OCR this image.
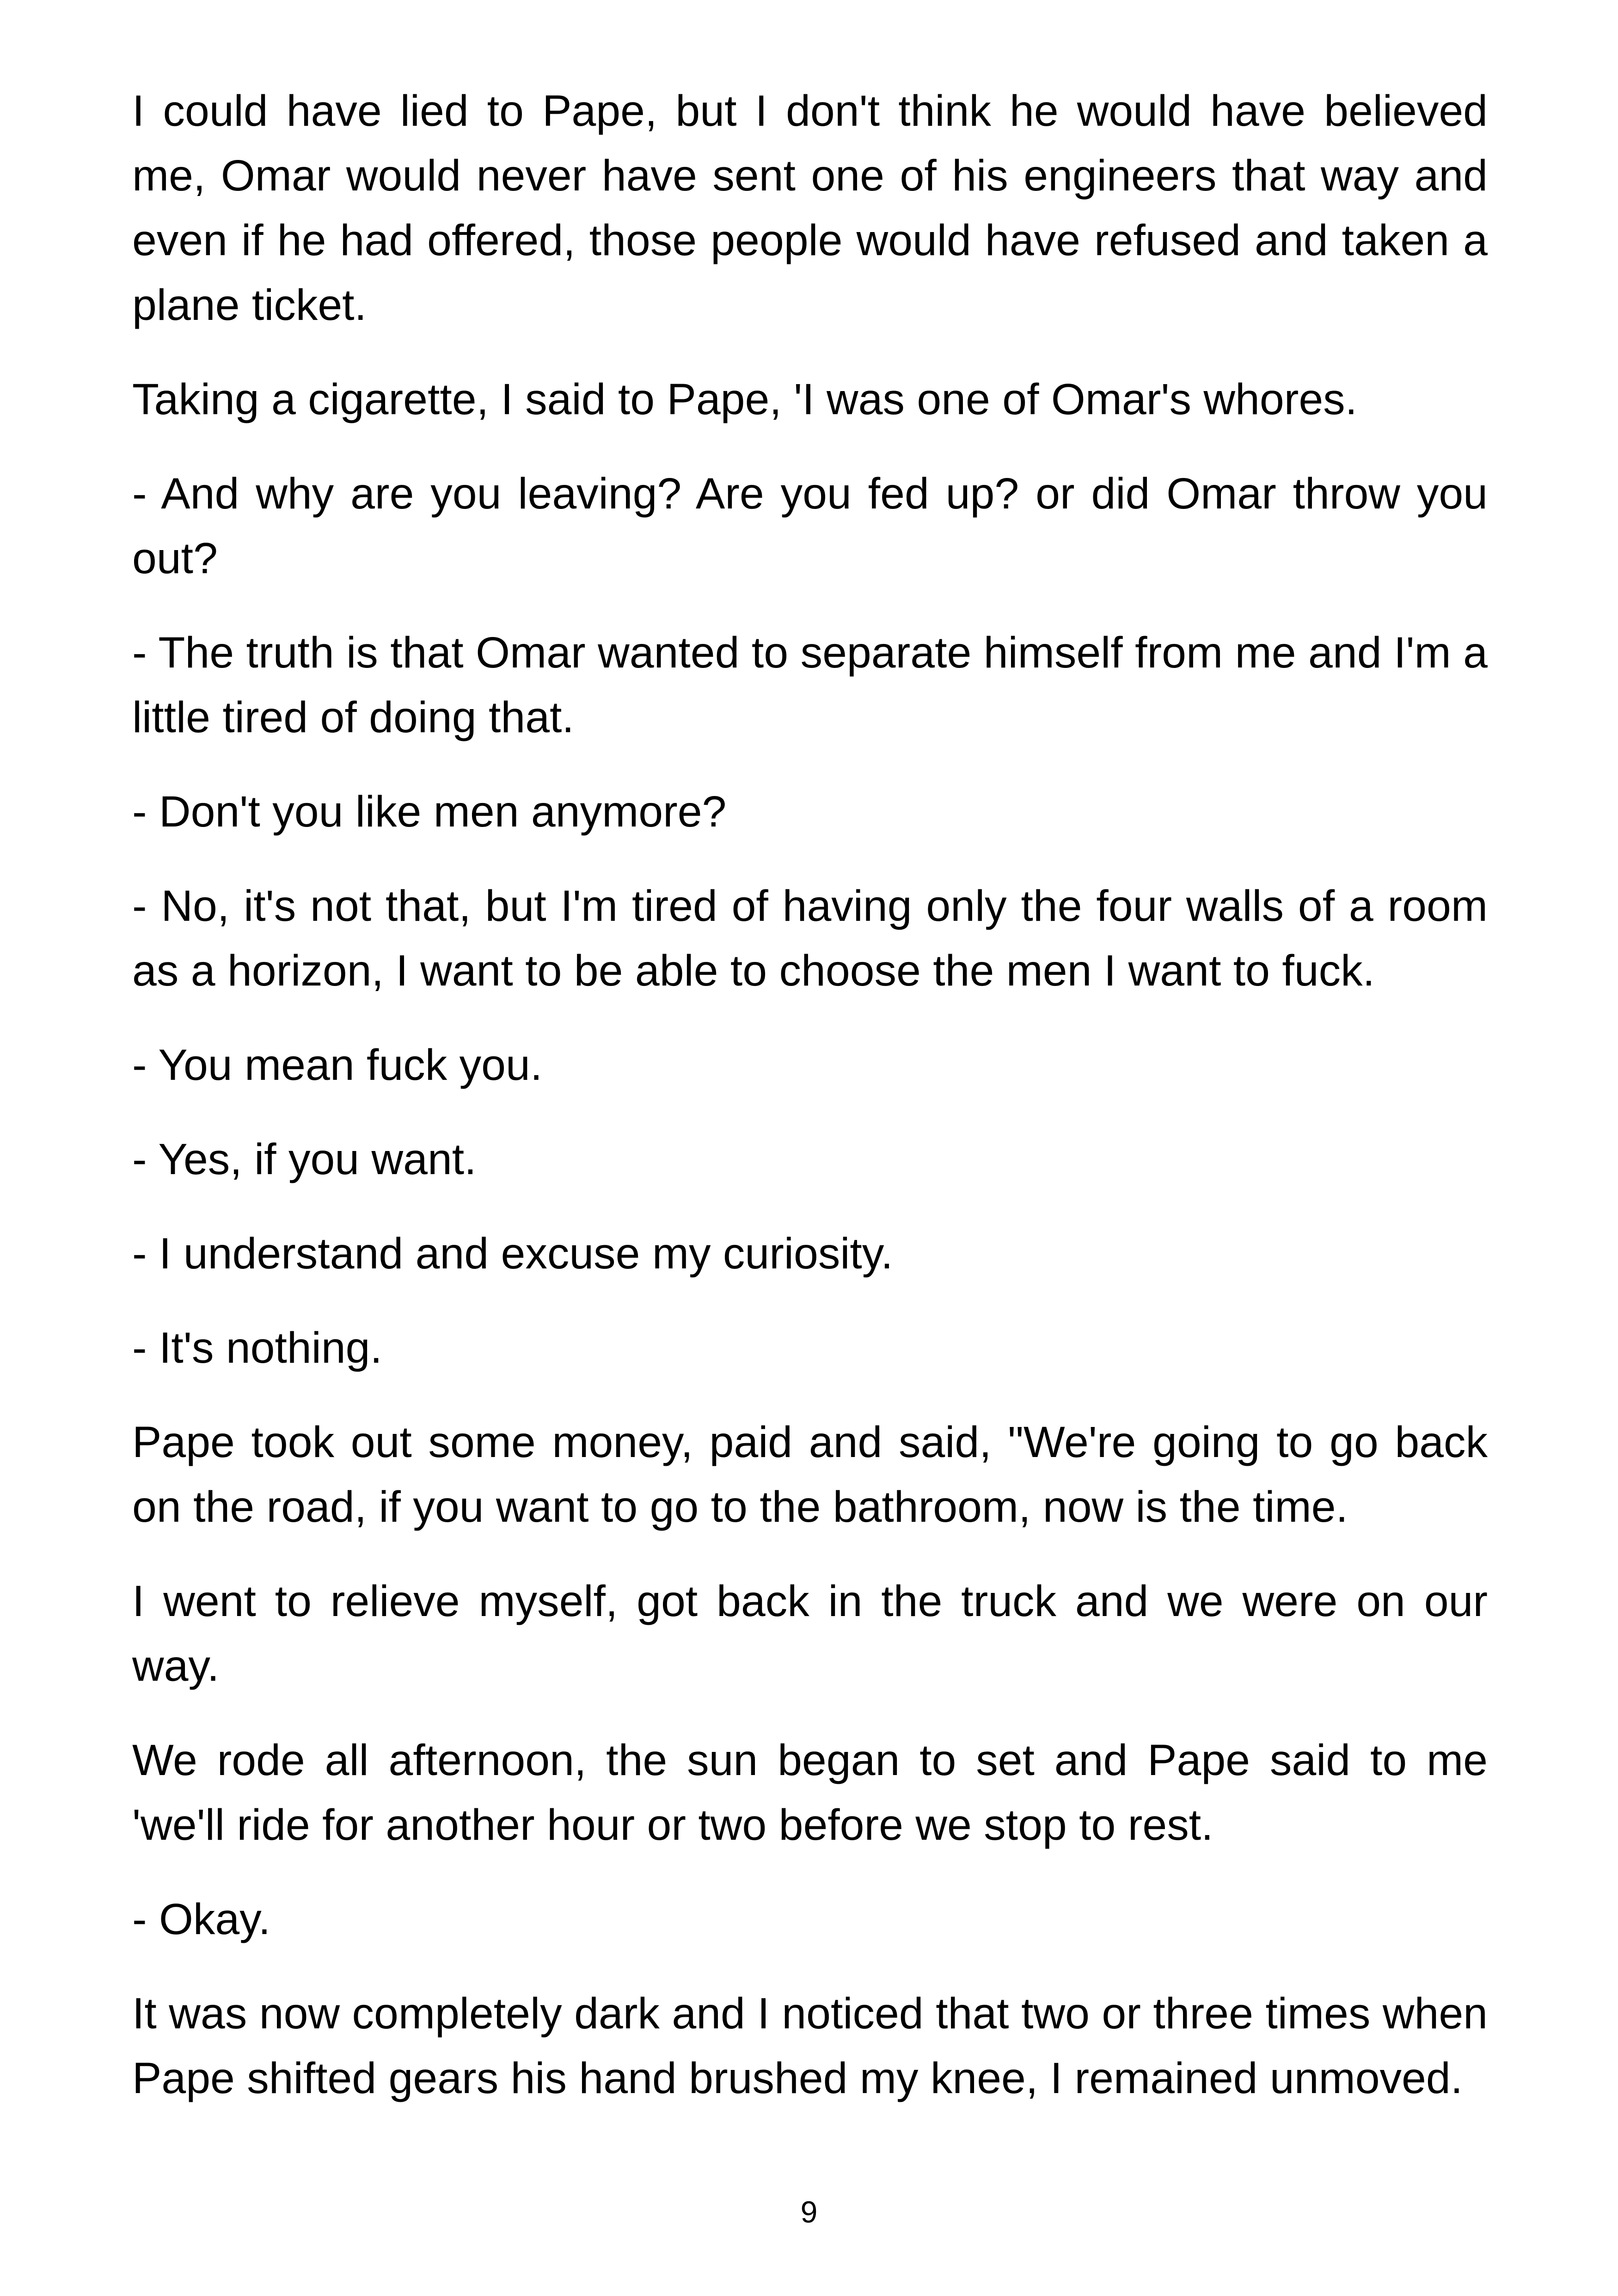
I could have lied to Pape, but I don't think he would have believed me, Omar would never have sent one of his engineers that way and even if he had offered, those people would have refused and taken a plane ticket.

Taking a cigarette, I said to Pape, 'I was one of Omar's whores.

- And why are you leaving? Are you fed up? or did Omar throw you out?

- The truth is that Omar wanted to separate himself from me and I'm a little tired of doing that.

- Don't you like men anymore?

- No, it's not that, but I'm tired of having only the four walls of a room as a horizon, I want to be able to choose the men I want to fuck.

- You mean fuck you.

- Yes, if you want.

- I understand and excuse my curiosity.

- It's nothing.

Pape took out some money, paid and said, "We're going to go back on the road, if you want to go to the bathroom, now is the time.

I went to relieve myself, got back in the truck and we were on our way.

We rode all afternoon, the sun began to set and Pape said to me 'we'll ride for another hour or two before we stop to rest.

- Okay.

It was now completely dark and I noticed that two or three times when Pape shifted gears his hand brushed my knee, I remained unmoved.

9
